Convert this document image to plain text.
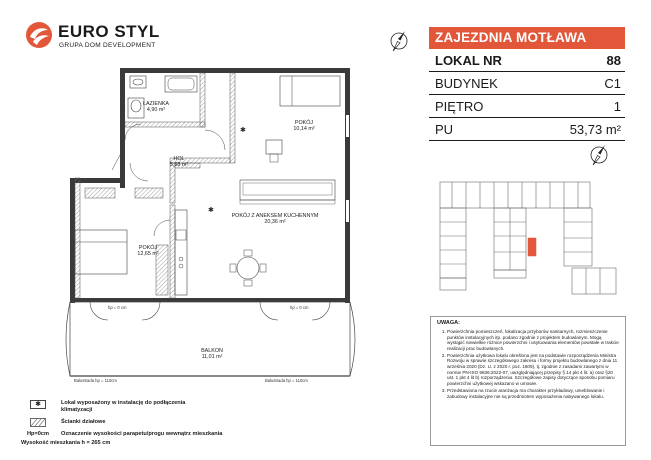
EURO STYL
GRUPA DOM DEVELOPMENT
ZAJEZDNIA MOTŁAWA
LOKAL NR	88
BUDYNEK	C1
PIĘTRO	1
PU	53,73 m²
UWAGA:
1. Powierzchnia pomieszczeń, lokalizacja przyborów sanitarnych, rozmieszczenie punktów instalacyjnych itp. podano zgodnie z projektem budowlanym. Mogą wystąpić niewielkie różnice powierzchni i usytuowania elementów powstałe w trakcie realizacji prac budowlanych.
2. Powierzchnia użytkowa lokalu określona jest na podstawie rozporządzenia Ministra Rozwoju w sprawie szczegółowego zakresu i formy projektu budowlanego z dnia 11 września 2020 (Dz. U. z 2020 r. poz. 1609), tj. zgodnie z zasadami zawartymi w normie PN-ISO 9836:2022-07, uwzględniającej przepisy § 14 pkt 4 lit. a) oraz §20 ust. 1 pkt 4 lit b) rozporządzenia. Szczegółowe zapisy dotyczące sposobu pomiaru powierzchni użytkowej wskazano w umowie.
3. Przedstawiona na rzucie aranżacja ma charakter przykładowy, umeblowanie i zabudowy instalacyjne nie są przedmiotem wyposażenia nabywanego lokalu.
✱
✱
ŁAZIENKA
4,90 m²
POKÓJ
10,14 m²
HOL
5,68 m²
POKÓJ Z ANEKSEM KUCHENNYM
20,36 m²
POKÓJ
12,65 m²
BALKON
11,01 m²
hp = 0 cm	hp = 0 cm
Balustrada hp = 110cm	Balustrada hp = 110cm
✱	Lokal wyposażony w instalację do podłączenia klimatyzacji
Ścianki działowe
Hp=0cm Oznaczenie wysokości parapetu/progu wewnątrz mieszkania
Wysokość mieszkania h = 265 cm
